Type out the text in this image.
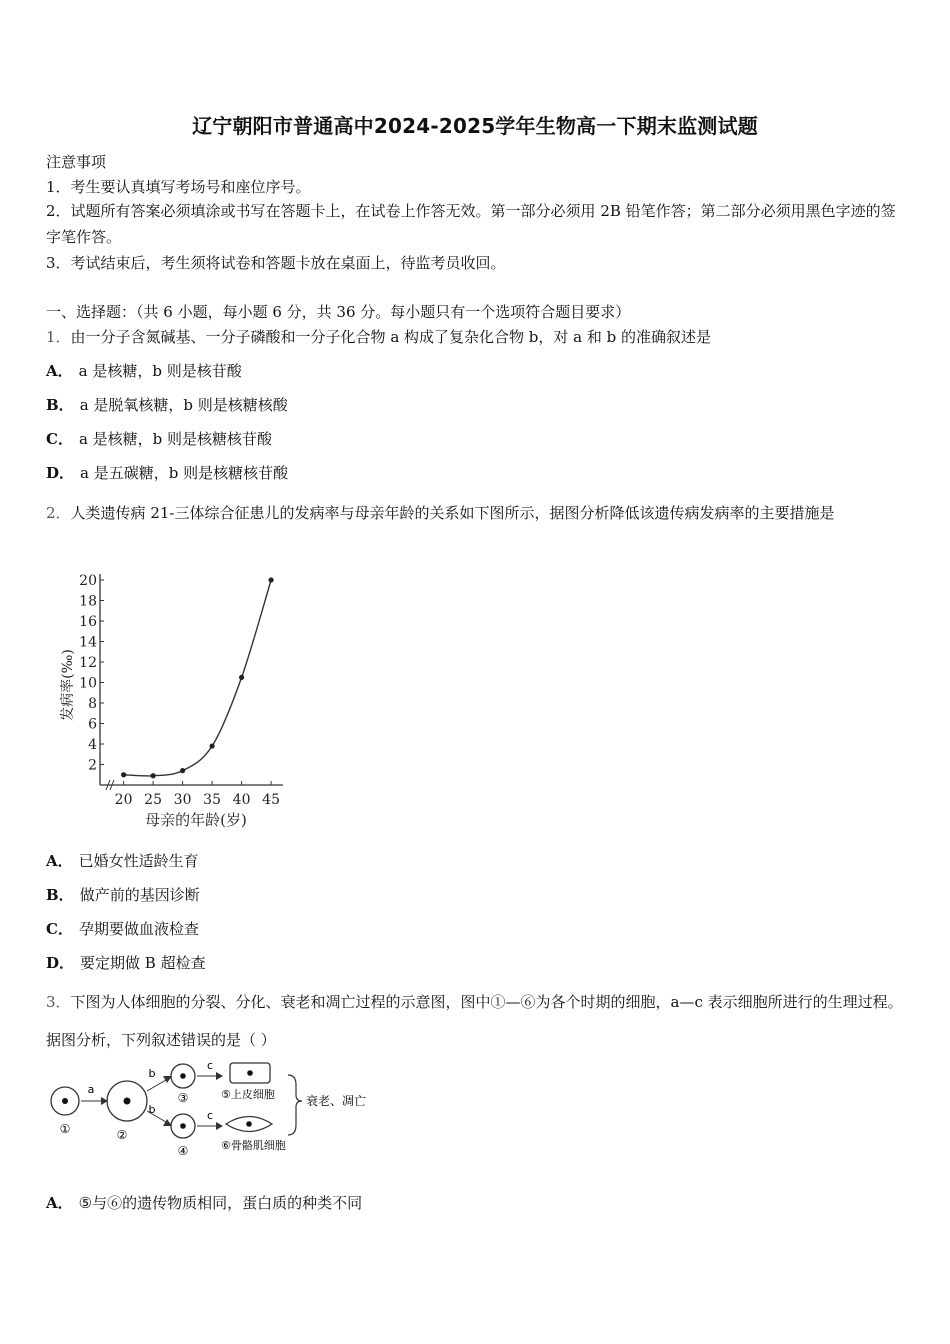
辽宁朝阳市普通高中2024-2025学年生物高一下期末监测试题
注意事项
1．考生要认真填写考场号和座位序号。
2．试题所有答案必须填涂或书写在答题卡上，在试卷上作答无效。第一部分必须用 2B 铅笔作答；第二部分必须用黑色字迹的签字笔作答。
3．考试结束后，考生须将试卷和答题卡放在桌面上，待监考员收回。
一、选择题：（共 6 小题，每小题 6 分，共 36 分。每小题只有一个选项符合题目要求）
1．由一分子含氮碱基、一分子磷酸和一分子化合物 a 构成了复杂化合物 b，对 a 和 b 的准确叙述是
A． a 是核糖，b 则是核苷酸
B． a 是脱氧核糖，b 则是核糖核酸
C． a 是核糖，b 则是核糖核苷酸
D． a 是五碳糖，b 则是核糖核苷酸
2．人类遗传病 21-三体综合征患儿的发病率与母亲年龄的关系如下图所示，据图分析降低该遗传病发病率的主要措施是
2
4
6
8
10
12
14
16
18
20
20 25 30 35 40 45
母亲的年龄(岁)
发病率(‰)
A． 已婚女性适龄生育
B． 做产前的基因诊断
C． 孕期要做血液检查
D． 要定期做 B 超检查
3．下图为人体细胞的分裂、分化、衰老和凋亡过程的示意图，图中①—⑥为各个时期的细胞，a—c 表示细胞所进行的生理过程。据图分析，下列叙述错误的是（ ）
①
a
②
b
b
③
④
c
c
⑤上皮细胞
⑥骨骼肌细胞
衰老、凋亡
A． ⑤与⑥的遗传物质相同，蛋白质的种类不同
